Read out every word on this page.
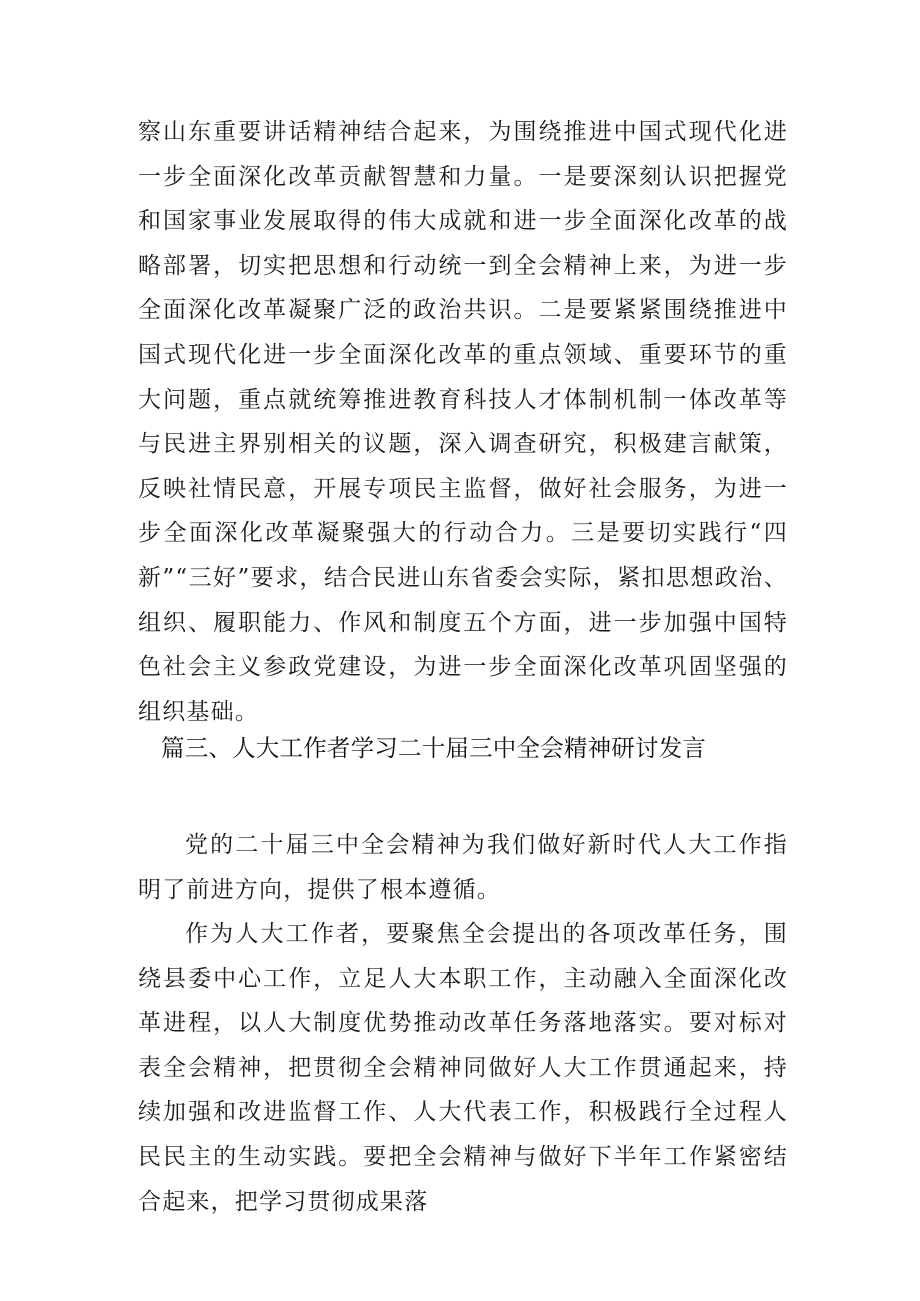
察山东重要讲话精神结合起来，为围绕推进中国式现代化进一步全面深化改革贡献智慧和力量。一是要深刻认识把握党和国家事业发展取得的伟大成就和进一步全面深化改革的战略部署，切实把思想和行动统一到全会精神上来，为进一步全面深化改革凝聚广泛的政治共识。二是要紧紧围绕推进中国式现代化进一步全面深化改革的重点领域、重要环节的重大问题，重点就统筹推进教育科技人才体制机制一体改革等与民进主界别相关的议题，深入调查研究，积极建言献策，反映社情民意，开展专项民主监督，做好社会服务，为进一步全面深化改革凝聚强大的行动合力。三是要切实践行“四新”“三好”要求，结合民进山东省委会实际，紧扣思想政治、组织、履职能力、作风和制度五个方面，进一步加强中国特色社会主义参政党建设，为进一步全面深化改革巩固坚强的组织基础。

篇三、人大工作者学习二十届三中全会精神研讨发言

党的二十届三中全会精神为我们做好新时代人大工作指明了前进方向，提供了根本遵循。

作为人大工作者，要聚焦全会提出的各项改革任务，围绕县委中心工作，立足人大本职工作，主动融入全面深化改革进程，以人大制度优势推动改革任务落地落实。要对标对表全会精神，把贯彻全会精神同做好人大工作贯通起来，持续加强和改进监督工作、人大代表工作，积极践行全过程人民民主的生动实践。要把全会精神与做好下半年工作紧密结合起来，把学习贯彻成果落
